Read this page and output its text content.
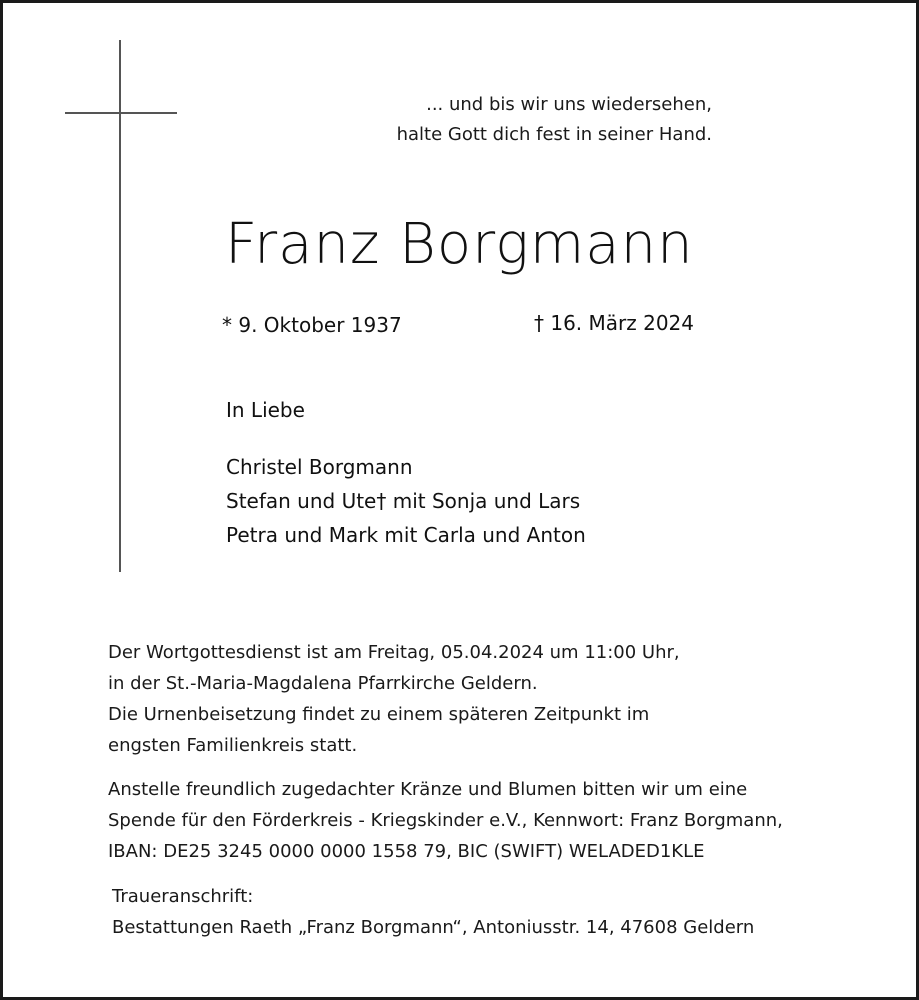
... und bis wir uns wiedersehen,
halte Gott dich fest in seiner Hand.
Franz Borgmann
* 9. Oktober 1937	† 16. März 2024
In Liebe
Christel Borgmann
Stefan und Ute† mit Sonja und Lars
Petra und Mark mit Carla und Anton
Der Wortgottesdienst ist am Freitag, 05.04.2024 um 11:00 Uhr,
in der St.-Maria-Magdalena Pfarrkirche Geldern.
Die Urnenbeisetzung findet zu einem späteren Zeitpunkt im
engsten Familienkreis statt.
Anstelle freundlich zugedachter Kränze und Blumen bitten wir um eine
Spende für den Förderkreis - Kriegskinder e.V., Kennwort: Franz Borgmann,
IBAN: DE25 3245 0000 0000 1558 79, BIC (SWIFT) WELADED1KLE
Traueranschrift:
Bestattungen Raeth „Franz Borgmann“, Antoniusstr. 14, 47608 Geldern
